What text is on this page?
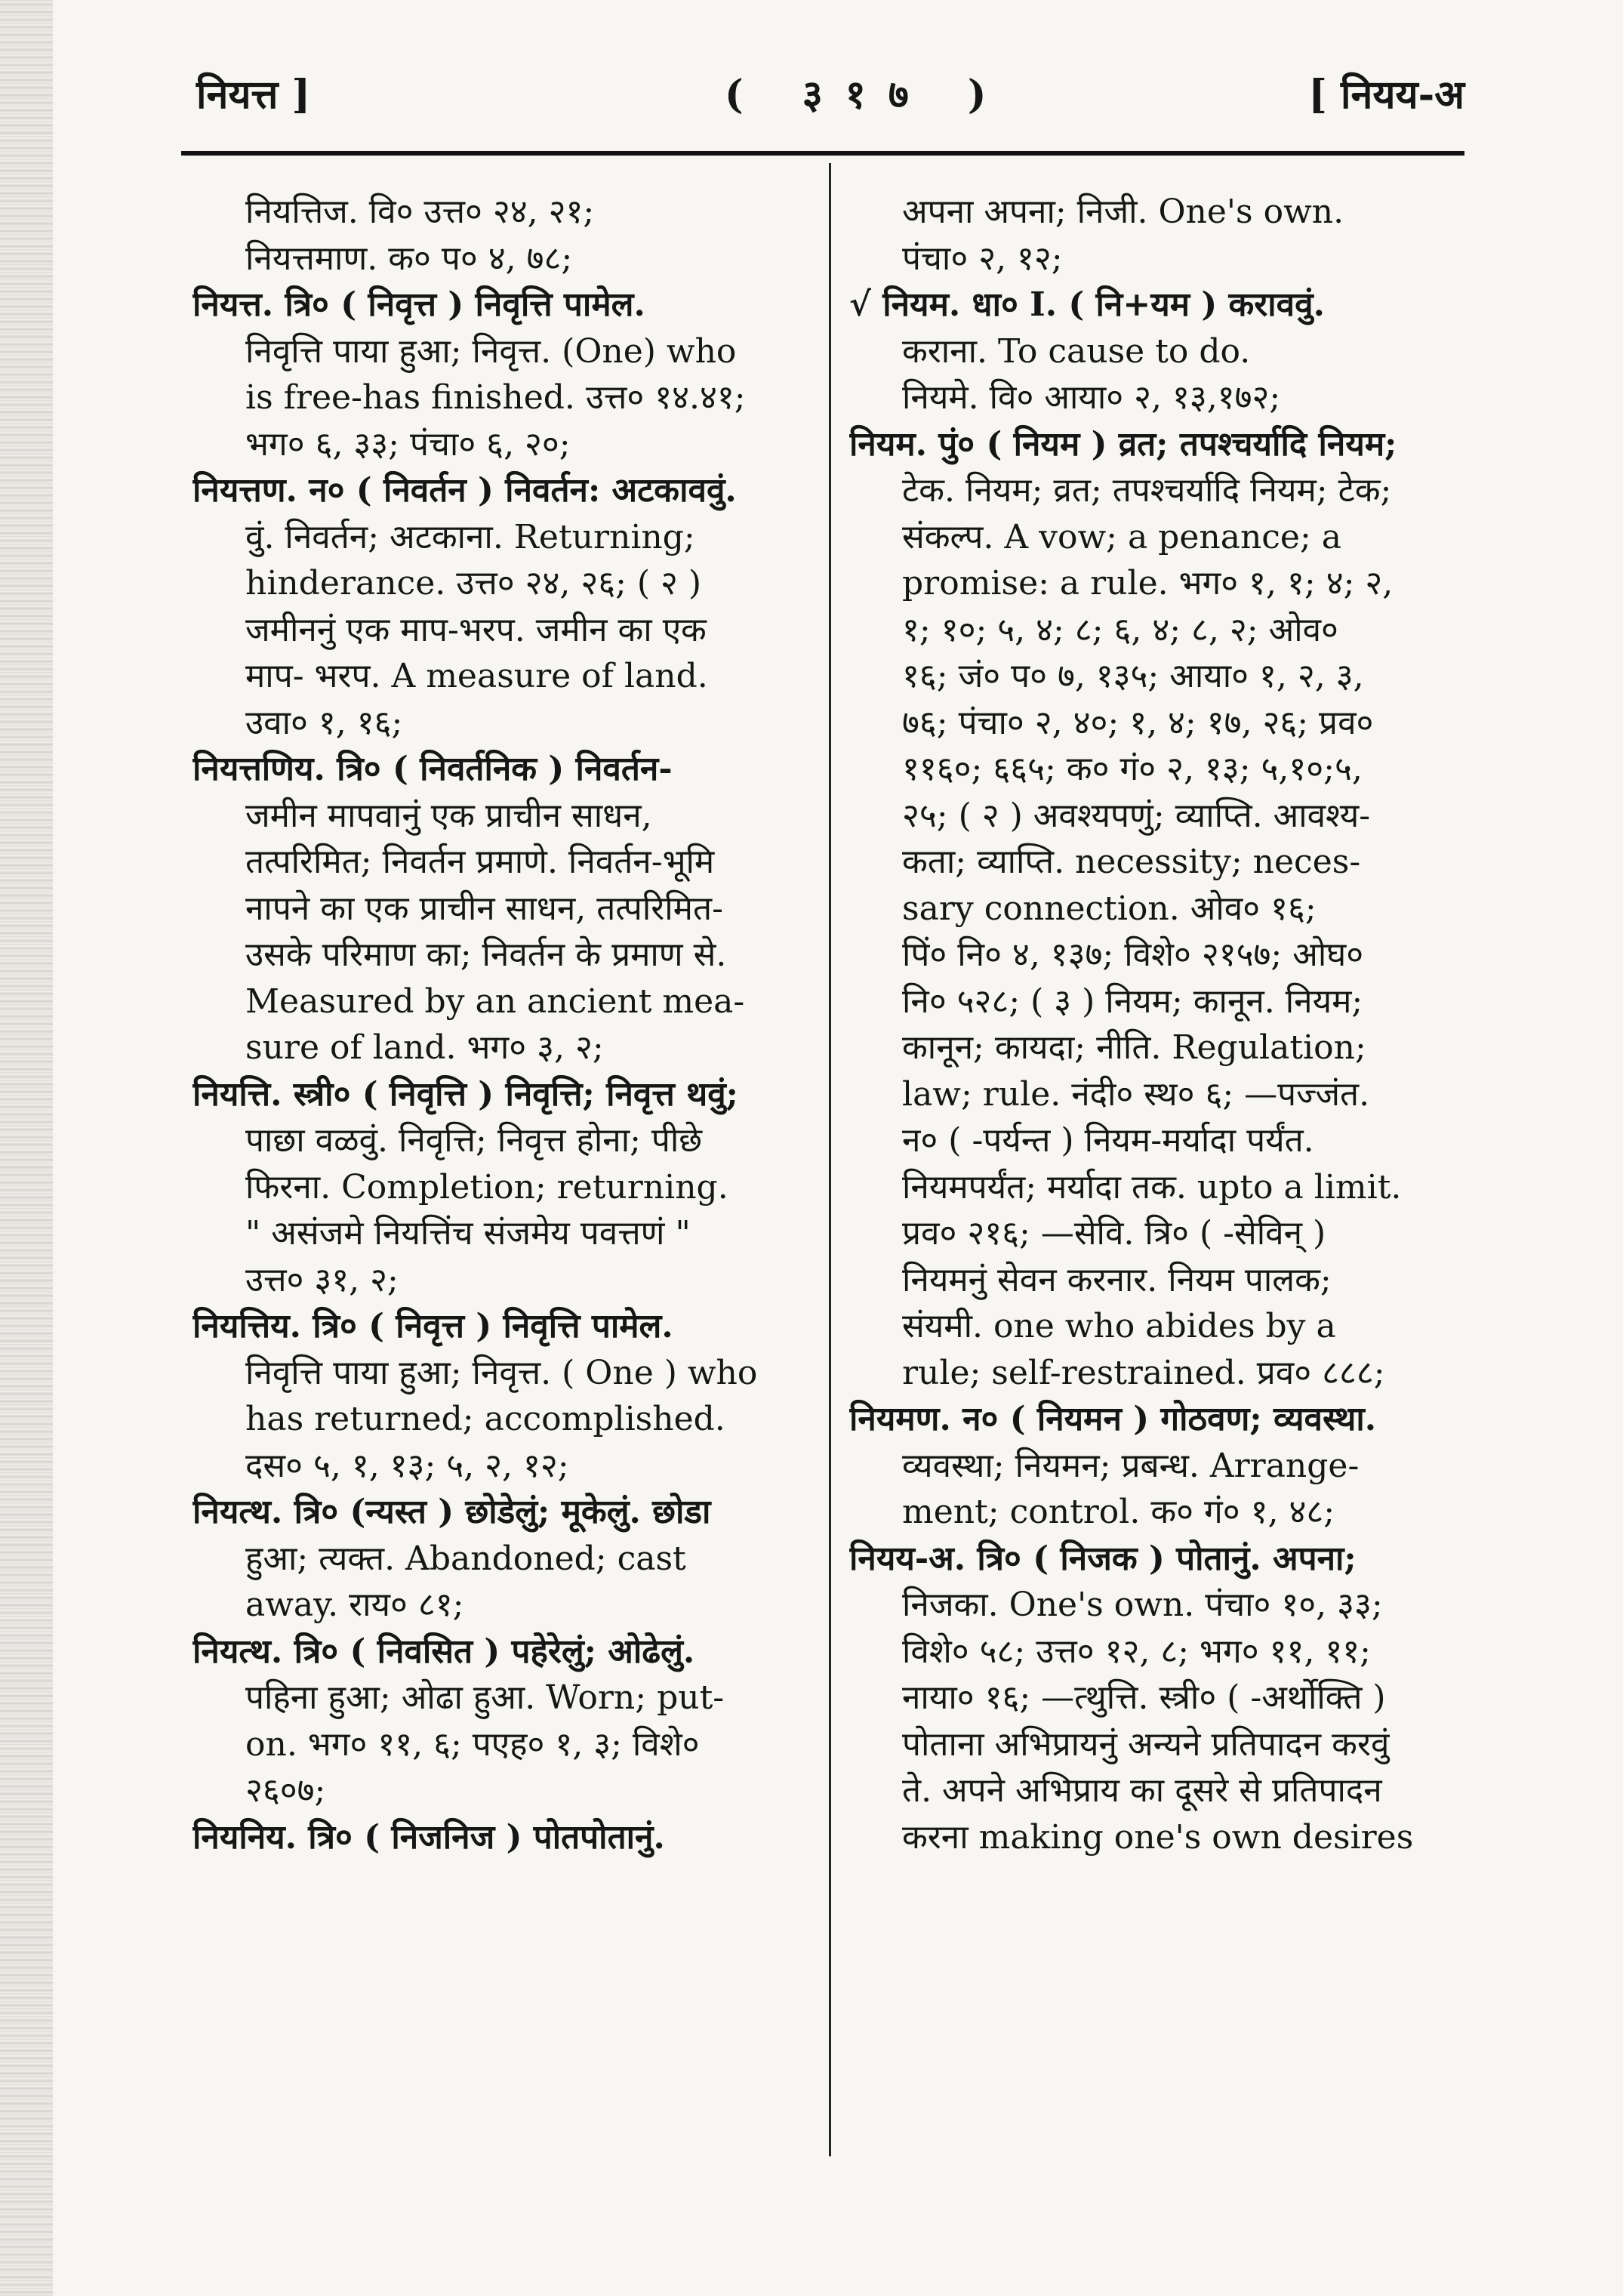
नियत्त ]	( ३१७ )	[ नियय-अ
नियत्तिज. वि० उत्त० २४, २१;
नियत्तमाण. क० प० ४, ७८;
नियत्त. त्रि० ( निवृत्त ) निवृत्ति पामेल.
निवृत्ति पाया हुआ; निवृत्त. (One) who
is free-has finished. उत्त० १४.४१;
भग० ६, ३३; पंचा० ६, २०;
नियत्तण. न० ( निवर्तन ) निवर्तन: अटकाववुं.
वुं. निवर्तन; अटकाना. Returning;
hinderance. उत्त० २४, २६; ( २ )
जमीननुं एक माप-भरप. जमीन का एक
माप- भरप. A measure of land.
उवा० १, १६;
नियत्तणिय. त्रि० ( निवर्तनिक ) निवर्तन-
जमीन मापवानुं एक प्राचीन साधन,
तत्परिमित; निवर्तन प्रमाणे. निवर्तन-भूमि
नापने का एक प्राचीन साधन, तत्परिमित-
उसके परिमाण का; निवर्तन के प्रमाण से.
Measured by an ancient mea-
sure of land. भग० ३, २;
नियत्ति. स्त्री० ( निवृत्ति ) निवृत्ति; निवृत्त थवुं;
पाछा वळवुं. निवृत्ति; निवृत्त होना; पीछे
फिरना. Completion; returning.
" असंजमे नियत्तिंच संजमेय पवत्तणं "
उत्त० ३१, २;
नियत्तिय. त्रि० ( निवृत्त ) निवृत्ति पामेल.
निवृत्ति पाया हुआ; निवृत्त. ( One ) who
has returned; accomplished.
दस० ५, १, १३; ५, २, १२;
नियत्थ. त्रि० (न्यस्त ) छोडेलुं; मूकेलुं. छोडा
हुआ; त्यक्त. Abandoned; cast
away. राय० ८१;
नियत्थ. त्रि० ( निवसित ) पहेरेलुं; ओढेलुं.
पहिना हुआ; ओढा हुआ. Worn; put-
on. भग० ११, ६; पएह० १, ३; विशे०
२६०७;
नियनिय. त्रि० ( निजनिज ) पोतपोतानुं.
अपना अपना; निजी. One's own.
पंचा० २, १२;
√ नियम. धा० I. ( नि+यम ) कराववुं.
कराना. To cause to do.
नियमे. वि० आया० २, १३,१७२;
नियम. पुं० ( नियम ) व्रत; तपश्चर्यादि नियम;
टेक. नियम; व्रत; तपश्चर्यादि नियम; टेक;
संकल्प. A vow; a penance; a
promise: a rule. भग० १, १; ४; २,
१; १०; ५, ४; ८; ६, ४; ८, २; ओव०
१६; जं० प० ७, १३५; आया० १, २, ३,
७६; पंचा० २, ४०; १, ४; १७, २६; प्रव०
११६०; ६६५; क० गं० २, १३; ५,१०;५,
२५; ( २ ) अवश्यपणुं; व्याप्ति. आवश्य-
कता; व्याप्ति. necessity; neces-
sary connection. ओव० १६;
पिं० नि० ४, १३७; विशे० २१५७; ओघ०
नि० ५२८; ( ३ ) नियम; कानून. नियम;
कानून; कायदा; नीति. Regulation;
law; rule. नंदी० स्थ० ६; —पज्जंत.
न० ( -पर्यन्त ) नियम-मर्यादा पर्यंत.
नियमपर्यंत; मर्यादा तक. upto a limit.
प्रव० २१६; —सेवि. त्रि० ( -सेविन् )
नियमनुं सेवन करनार. नियम पालक;
संयमी. one who abides by a
rule; self-restrained. प्रव० ८८८;
नियमण. न० ( नियमन ) गोठवण; व्यवस्था.
व्यवस्था; नियमन; प्रबन्ध. Arrange-
ment; control. क० गं० १, ४८;
नियय-अ. त्रि० ( निजक ) पोतानुं. अपना;
निजका. One's own. पंचा० १०, ३३;
विशे० ५८; उत्त० १२, ८; भग० ११, ११;
नाया० १६; —त्थुत्ति. स्त्री० ( -अर्थोक्ति )
पोताना अभिप्रायनुं अन्यने प्रतिपादन करवुं
ते. अपने अभिप्राय का दूसरे से प्रतिपादन
करना making one's own desires
